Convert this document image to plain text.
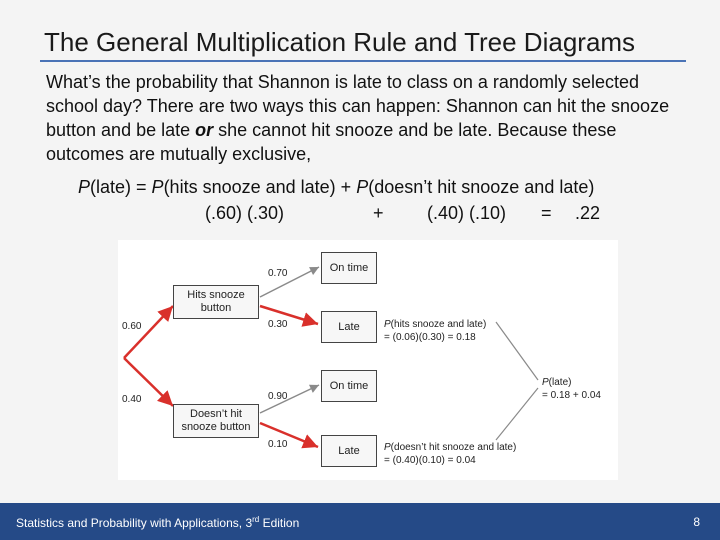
The General Multiplication Rule and Tree Diagrams
What’s the probability that Shannon is late to class on a randomly selected school day? There are two ways this can happen: Shannon can hit the snooze button and be late or she cannot hit snooze and be late. Because these outcomes are mutually exclusive,
P(late) = P(hits snooze and late) + P(doesn’t hit snooze and late)
(.60) (.30)	+ (.40) (.10) = .22
Hits snooze
button
Doesn’t hit
snooze button
On time
Late
On time
Late
0.60
0.40
0.70
0.30
0.90
0.10
P(hits snooze and late)
= (0.06)(0.30) = 0.18
P(doesn’t hit snooze and late)
= (0.40)(0.10) = 0.04
P(late)
= 0.18 + 0.04
Statistics and Probability with Applications, 3rd Edition	8
